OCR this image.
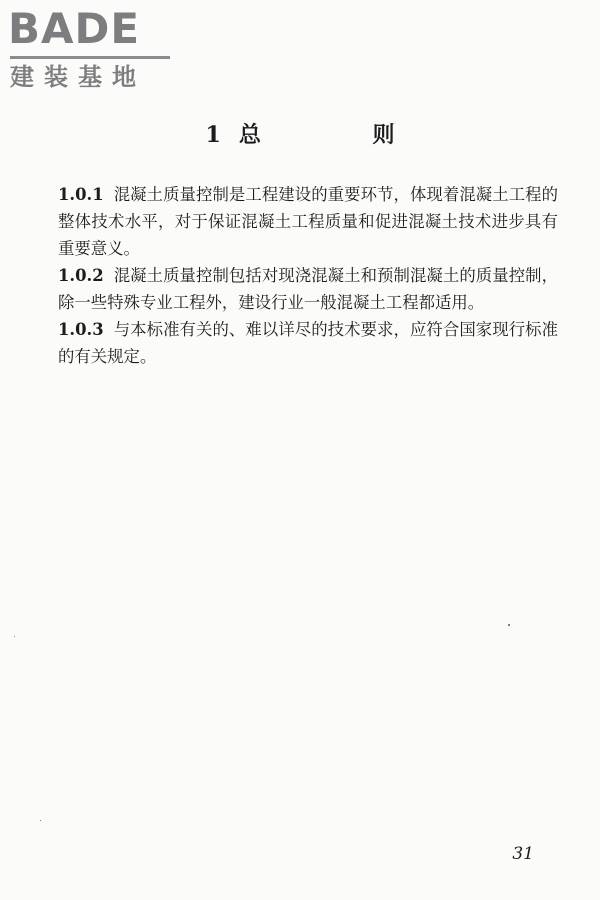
BADE
建装基地
1 总 则

1.0.1 混凝土质量控制是工程建设的重要环节，体现着混凝土工程的整体技术水平，对于保证混凝土工程质量和促进混凝土技术进步具有重要意义。

1.0.2 混凝土质量控制包括对现浇混凝土和预制混凝土的质量控制，除一些特殊专业工程外，建设行业一般混凝土工程都适用。

1.0.3 与本标准有关的、难以详尽的技术要求，应符合国家现行标准的有关规定。

31
